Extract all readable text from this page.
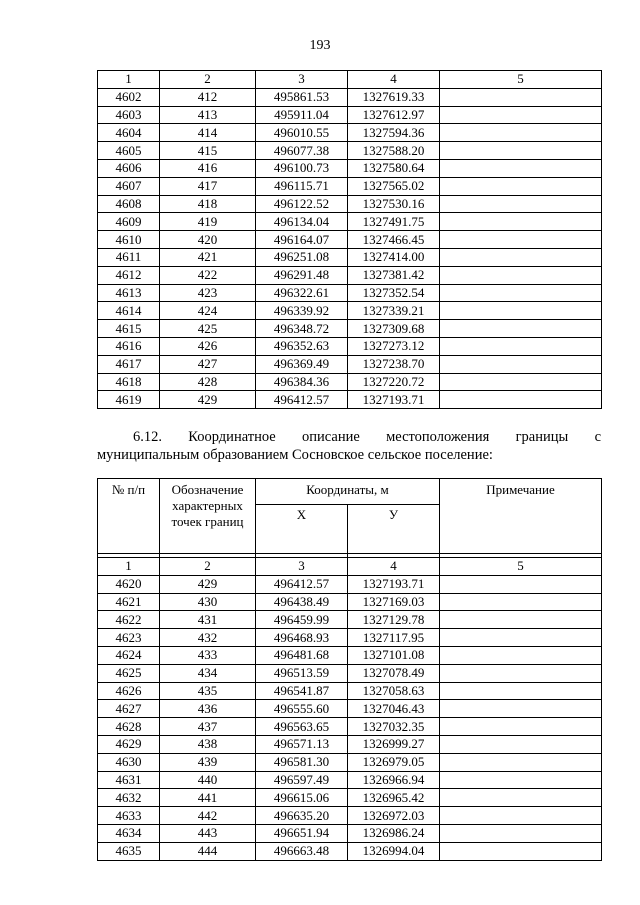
193
1	2	3	4	5
4602	412	495861.53	1327619.33	
4603	413	495911.04	1327612.97	
4604	414	496010.55	1327594.36	
4605	415	496077.38	1327588.20	
4606	416	496100.73	1327580.64	
4607	417	496115.71	1327565.02	
4608	418	496122.52	1327530.16	
4609	419	496134.04	1327491.75	
4610	420	496164.07	1327466.45	
4611	421	496251.08	1327414.00	
4612	422	496291.48	1327381.42	
4613	423	496322.61	1327352.54	
4614	424	496339.92	1327339.21	
4615	425	496348.72	1327309.68	
4616	426	496352.63	1327273.12	
4617	427	496369.49	1327238.70	
4618	428	496384.36	1327220.72	
4619	429	496412.57	1327193.71	
6.12. Координатное описание местоположения границы с
муниципальным образованием Сосновское сельское поселение:
№ п/п	Обозначение
характерных
точек границ	Координаты, м		Примечание
		X	У	

1	2	3	4	5
4620	429	496412.57	1327193.71	
4621	430	496438.49	1327169.03	
4622	431	496459.99	1327129.78	
4623	432	496468.93	1327117.95	
4624	433	496481.68	1327101.08	
4625	434	496513.59	1327078.49	
4626	435	496541.87	1327058.63	
4627	436	496555.60	1327046.43	
4628	437	496563.65	1327032.35	
4629	438	496571.13	1326999.27	
4630	439	496581.30	1326979.05	
4631	440	496597.49	1326966.94	
4632	441	496615.06	1326965.42	
4633	442	496635.20	1326972.03	
4634	443	496651.94	1326986.24	
4635	444	496663.48	1326994.04	
